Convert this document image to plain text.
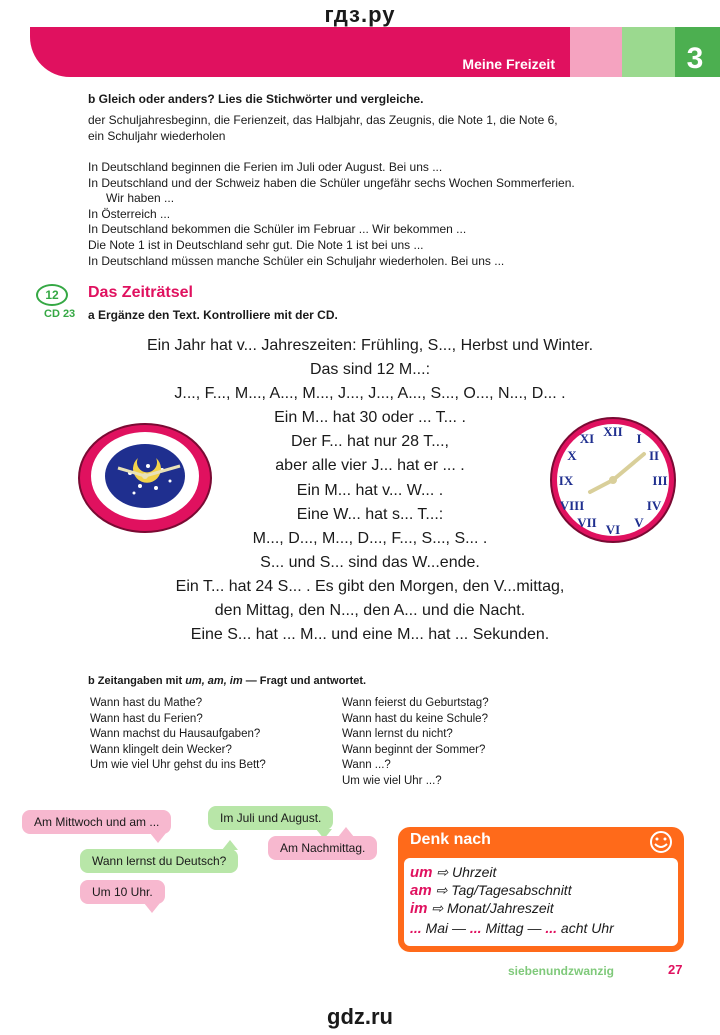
гдз.ру
Meine Freizeit	3
b Gleich oder anders? Lies die Stichwörter und vergleiche.
der Schuljahresbeginn, die Ferienzeit, das Halbjahr, das Zeugnis, die Note 1, die Note 6,
ein Schuljahr wiederholen
In Deutschland beginnen die Ferien im Juli oder August. Bei uns ...
In Deutschland und der Schweiz haben die Schüler ungefähr sechs Wochen Sommerferien.
Wir haben ...
In Österreich ...
In Deutschland bekommen die Schüler im Februar ... Wir bekommen ...
Die Note 1 ist in Deutschland sehr gut. Die Note 1 ist bei uns ...
In Deutschland müssen manche Schüler ein Schuljahr wiederholen. Bei uns ...
12	Das Zeiträtsel
CD 23 a Ergänze den Text. Kontrolliere mit der CD.
Ein Jahr hat v... Jahreszeiten: Frühling, S..., Herbst und Winter.
Das sind 12 M...:
J..., F..., M..., A..., M..., J..., J..., A..., S..., O..., N..., D... .
Ein M... hat 30 oder ... T... .
Der F... hat nur 28 T...,
aber alle vier J... hat er ... .
Ein M... hat v... W... .
Eine W... hat s... T...:
M..., D..., M..., D..., F..., S..., S... .
S... und S... sind das W...ende.
Ein T... hat 24 S... . Es gibt den Morgen, den V...mittag,
den Mittag, den N..., den A... und die Nacht.
Eine S... hat ... M... und eine M... hat ... Sekunden.
XII I
II
III
IV
V
VI
VII
VIII
IX
X
XI
b Zeitangaben mit um, am, im — Fragt und antwortet.
Wann hast du Mathe?
Wann hast du Ferien?
Wann machst du Hausaufgaben?
Wann klingelt dein Wecker?
Um wie viel Uhr gehst du ins Bett?
Wann feierst du Geburtstag?
Wann hast du keine Schule?
Wann lernst du nicht?
Wann beginnt der Sommer?
Wann ...?
Um wie viel Uhr ...?
Am Mittwoch und am ...	Im Juli und August.
Am Nachmittag.
Wann lernst du Deutsch?
Um 10 Uhr.
Denk nach
um ⇨ Uhrzeit
am ⇨ Tag/Tagesabschnitt
im ⇨ Monat/Jahreszeit
... Mai — ... Mittag — ... acht Uhr
siebenundzwanzig	27
gdz.ru
